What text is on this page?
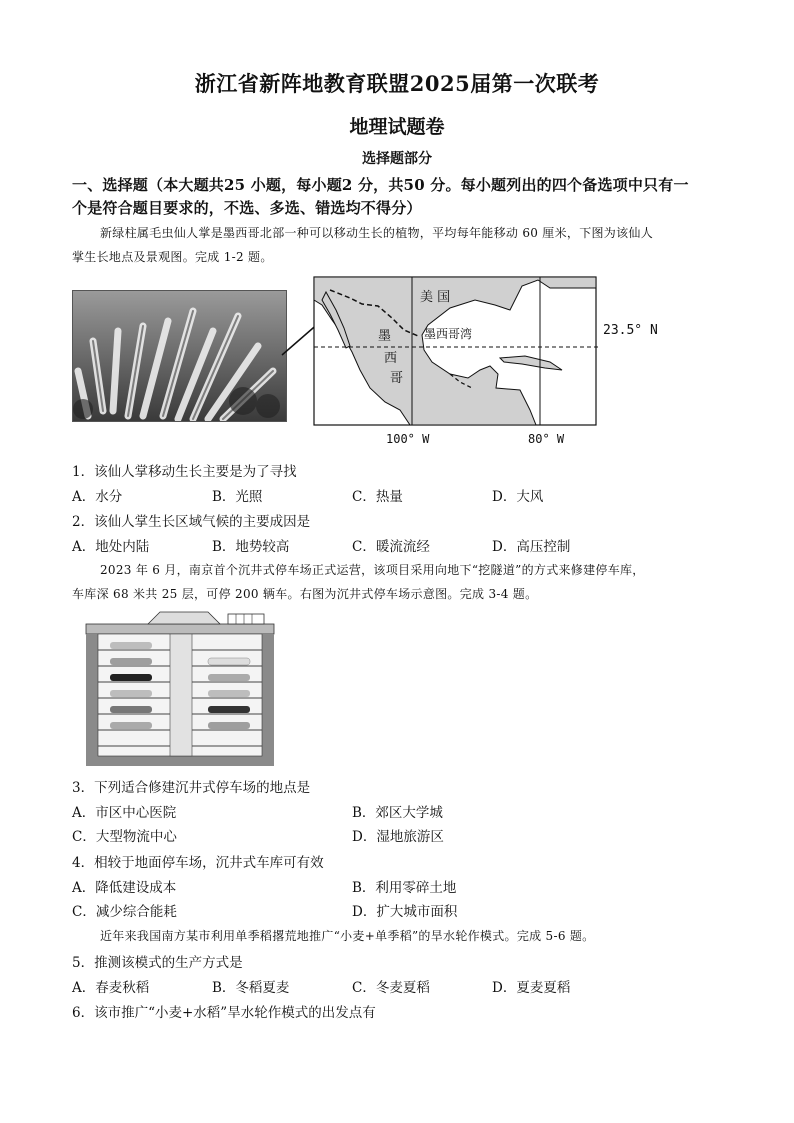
浙江省新阵地教育联盟2025届第一次联考
地理试题卷
选择题部分
一、选择题（本大题共25 小题，每小题2 分，共50 分。每小题列出的四个备选项中只有一
个是符合题目要求的，不选、多选、错选均不得分）
新绿柱属毛虫仙人掌是墨西哥北部一种可以移动生长的植物，平均每年能移动 60 厘米，下图为该仙人
掌生长地点及景观图。完成 1-2 题。
美 国
墨
西
哥
墨西哥湾	23.5° N
100° W	80° W
1．该仙人掌移动生长主要是为了寻找
A．水分	B．光照	C．热量	D．大风
2．该仙人掌生长区域气候的主要成因是
A．地处内陆	B．地势较高	C．暖流流经	D．高压控制
2023 年 6 月，南京首个沉井式停车场正式运营，该项目采用向地下“挖隧道”的方式来修建停车库，
车库深 68 米共 25 层，可停 200 辆车。右图为沉井式停车场示意图。完成 3-4 题。
3．下列适合修建沉井式停车场的地点是
A．市区中心医院	B．郊区大学城
C．大型物流中心	D．湿地旅游区
4．相较于地面停车场，沉井式车库可有效
A．降低建设成本	B．利用零碎土地
C．减少综合能耗	D．扩大城市面积
近年来我国南方某市利用单季稻撂荒地推广“小麦+单季稻”的旱水轮作模式。完成 5-6 题。
5．推测该模式的生产方式是
A．春麦秋稻	B．冬稻夏麦	C．冬麦夏稻	D．夏麦夏稻
6．该市推广“小麦+水稻”旱水轮作模式的出发点有
